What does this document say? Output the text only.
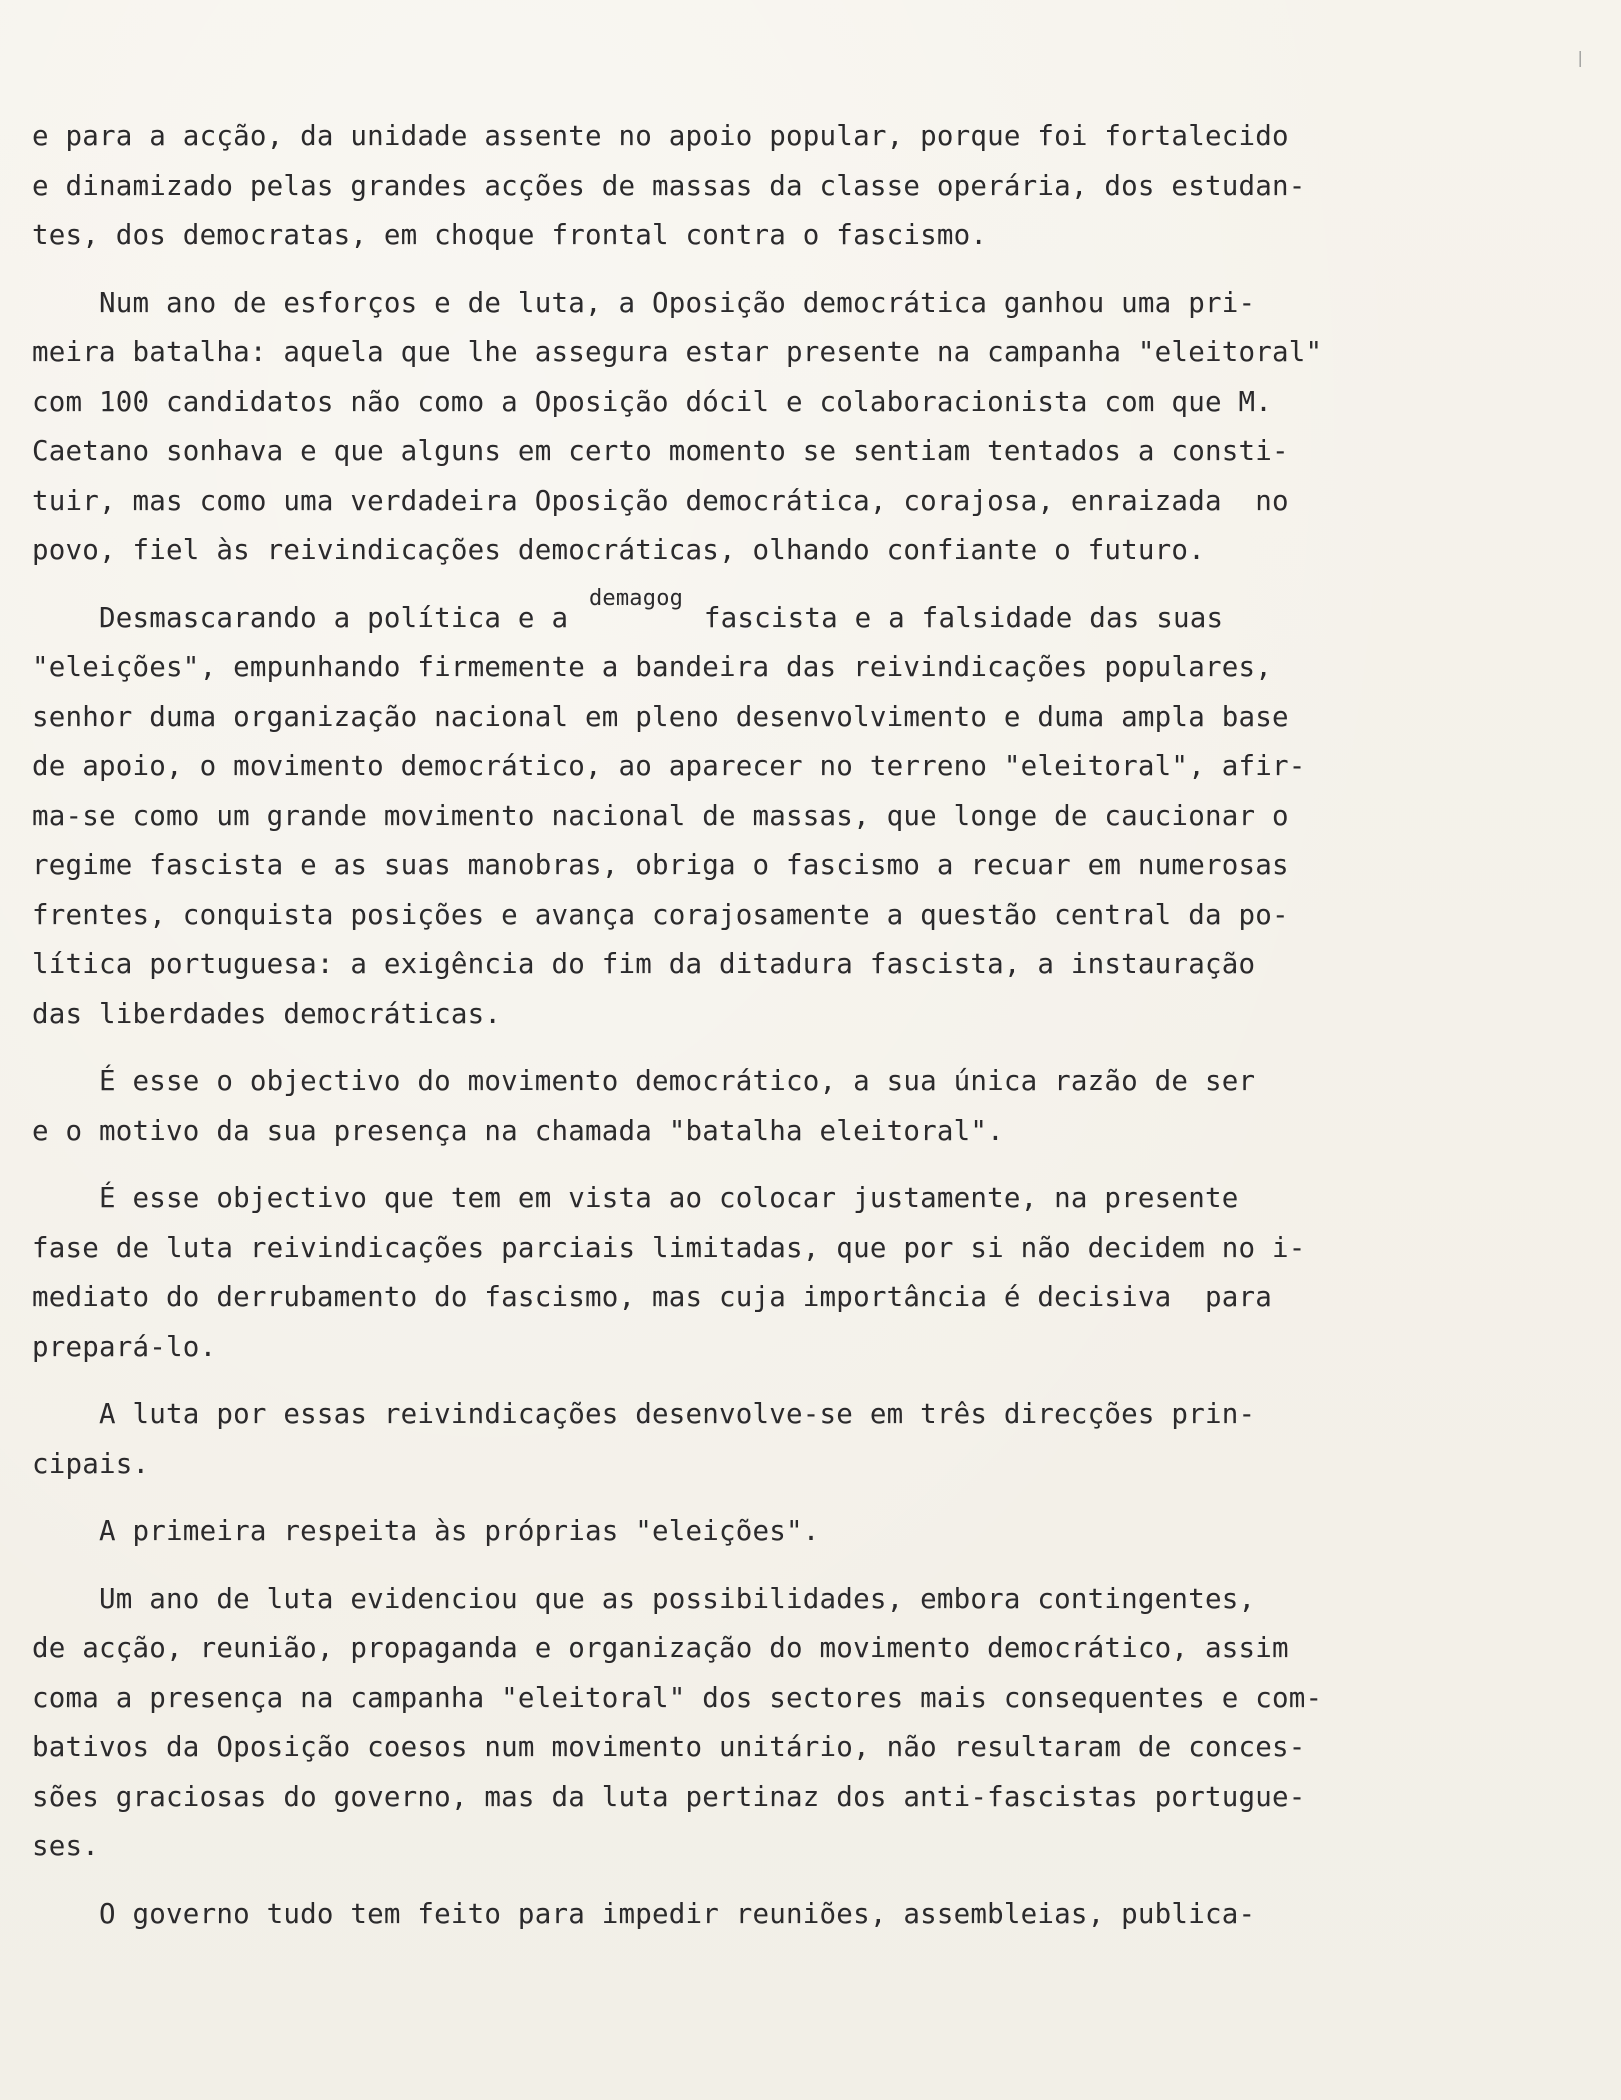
|
e para a acção, da unidade assente no apoio popular, porque foi fortalecido
e dinamizado pelas grandes acções de massas da classe operária, dos estudan-
tes, dos democratas, em choque frontal contra o fascismo.
Num ano de esforços e de luta, a Oposição democrática ganhou uma pri-
meira batalha: aquela que lhe assegura estar presente na campanha "eleitoral"
com 100 candidatos não como a Oposição dócil e colaboracionista com que M.
Caetano sonhava e que alguns em certo momento se sentiam tentados a consti-
tuir, mas como uma verdadeira Oposição democrática, corajosa, enraizada  no
povo, fiel às reivindicações democráticas, olhando confiante o futuro.
Desmascarando a política e a demagog fascista e a falsidade das suas
"eleições", empunhando firmemente a bandeira das reivindicações populares,
senhor duma organização nacional em pleno desenvolvimento e duma ampla base
de apoio, o movimento democrático, ao aparecer no terreno "eleitoral", afir-
ma-se como um grande movimento nacional de massas, que longe de caucionar o
regime fascista e as suas manobras, obriga o fascismo a recuar em numerosas
frentes, conquista posições e avança corajosamente a questão central da po-
lítica portuguesa: a exigência do fim da ditadura fascista, a instauração
das liberdades democráticas.
É esse o objectivo do movimento democrático, a sua única razão de ser
e o motivo da sua presença na chamada "batalha eleitoral".
É esse objectivo que tem em vista ao colocar justamente, na presente
fase de luta reivindicações parciais limitadas, que por si não decidem no i-
mediato do derrubamento do fascismo, mas cuja importância é decisiva  para
prepará-lo.
A luta por essas reivindicações desenvolve-se em três direcções prin-
cipais.
A primeira respeita às próprias "eleições".
Um ano de luta evidenciou que as possibilidades, embora contingentes,
de acção, reunião, propaganda e organização do movimento democrático, assim
coma a presença na campanha "eleitoral" dos sectores mais consequentes e com-
bativos da Oposição coesos num movimento unitário, não resultaram de conces-
sões graciosas do governo, mas da luta pertinaz dos anti-fascistas portugue-
ses.
O governo tudo tem feito para impedir reuniões, assembleias, publica-
